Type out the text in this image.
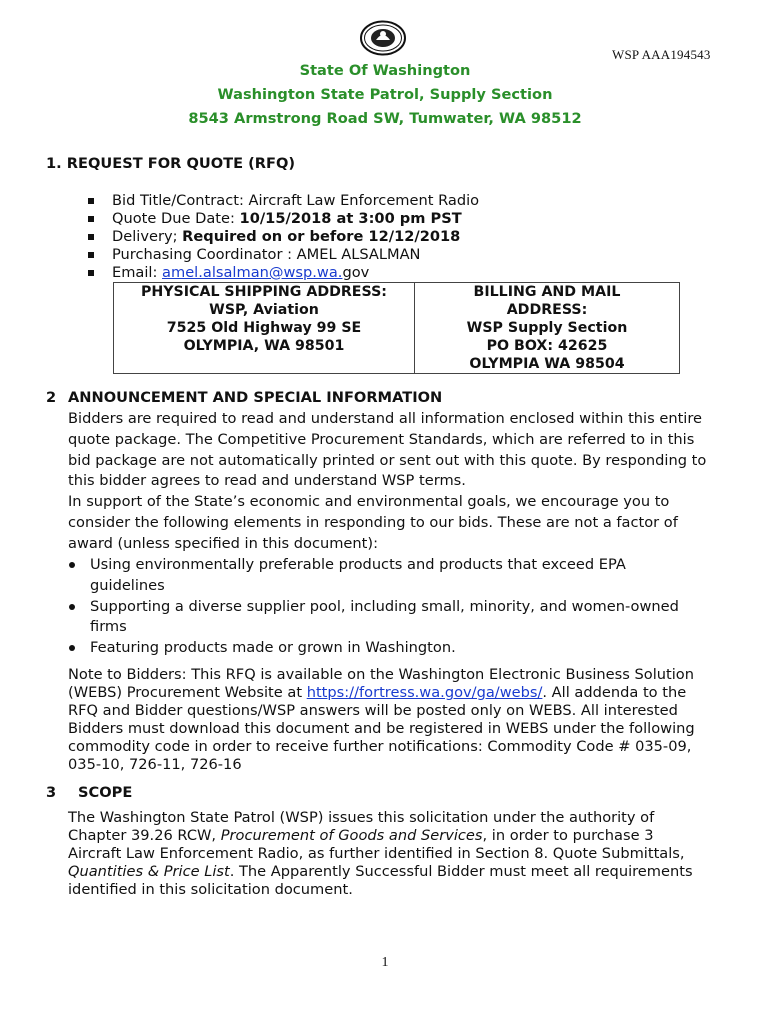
WSP AAA194543
State Of Washington
Washington State Patrol, Supply Section
8543 Armstrong Road SW, Tumwater, WA 98512
1. REQUEST FOR QUOTE (RFQ)
Bid Title/Contract: Aircraft Law Enforcement Radio
Quote Due Date: 10/15/2018 at 3:00 pm PST
Delivery; Required on or before 12/12/2018
Purchasing Coordinator : AMEL ALSALMAN
Email: amel.alsalman@wsp.wa.gov
PHYSICAL SHIPPING ADDRESS:
WSP, Aviation
7525 Old Highway 99 SE
OLYMPIA, WA 98501

BILLING AND MAIL
ADDRESS:
WSP Supply Section
PO BOX: 42625
OLYMPIA WA 98504
2 ANNOUNCEMENT AND SPECIAL INFORMATION
Bidders are required to read and understand all information enclosed within this entire
quote package. The Competitive Procurement Standards, which are referred to in this
bid package are not automatically printed or sent out with this quote. By responding to
this bidder agrees to read and understand WSP terms.
In support of the State’s economic and environmental goals, we encourage you to
consider the following elements in responding to our bids. These are not a factor of
award (unless specified in this document):
Using environmentally preferable products and products that exceed EPA
guidelines
Supporting a diverse supplier pool, including small, minority, and women-owned
firms
Featuring products made or grown in Washington.
Note to Bidders: This RFQ is available on the Washington Electronic Business Solution
(WEBS) Procurement Website at https://fortress.wa.gov/ga/webs/. All addenda to the
RFQ and Bidder questions/WSP answers will be posted only on WEBS. All interested
Bidders must download this document and be registered in WEBS under the following
commodity code in order to receive further notifications: Commodity Code # 035-09,
035-10, 726-11, 726-16
3 SCOPE
The Washington State Patrol (WSP) issues this solicitation under the authority of
Chapter 39.26 RCW, Procurement of Goods and Services, in order to purchase 3
Aircraft Law Enforcement Radio, as further identified in Section 8. Quote Submittals,
Quantities & Price List. The Apparently Successful Bidder must meet all requirements
identified in this solicitation document.
1
